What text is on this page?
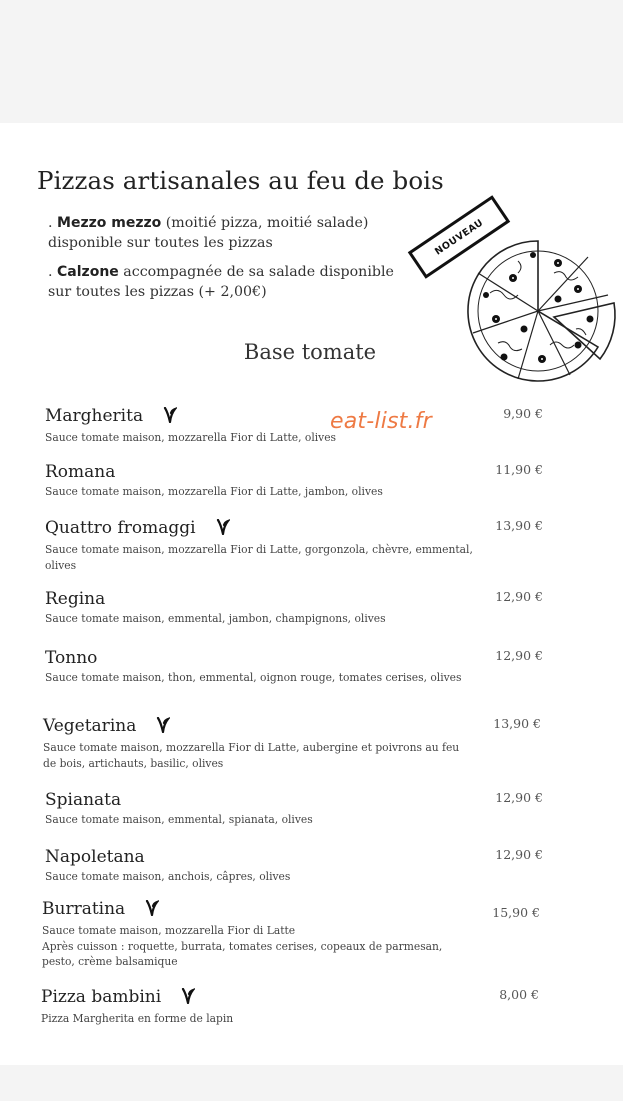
Pizzas artisanales au feu de bois
. Mezzo mezzo (moitié pizza, moitié salade)
disponible sur toutes les pizzas
. Calzone accompagnée de sa salade disponible
sur toutes les pizzas (+ 2,00€)
NOUVEAU
Base tomate
Margherita
Sauce tomate maison, mozzarella Fior di Latte, olives
9,90 €
Romana
Sauce tomate maison, mozzarella Fior di Latte, jambon, olives
11,90 €
Quattro fromaggi
Sauce tomate maison, mozzarella Fior di Latte, gorgonzola, chèvre, emmental, olives
13,90 €
Regina
Sauce tomate maison, emmental, jambon, champignons, olives
12,90 €
Tonno
Sauce tomate maison, thon, emmental, oignon rouge, tomates cerises, olives
12,90 €
Vegetarina
Sauce tomate maison, mozzarella Fior di Latte, aubergine et poivrons au feu de bois, artichauts, basilic, olives
13,90 €
Spianata
Sauce tomate maison, emmental, spianata, olives
12,90 €
Napoletana
Sauce tomate maison, anchois, câpres, olives
12,90 €
Burratina
Sauce tomate maison, mozzarella Fior di Latte
Après cuisson : roquette, burrata, tomates cerises, copeaux de parmesan, pesto, crème balsamique
15,90 €
Pizza bambini
Pizza Margherita en forme de lapin
8,00 €
eat-list.fr
